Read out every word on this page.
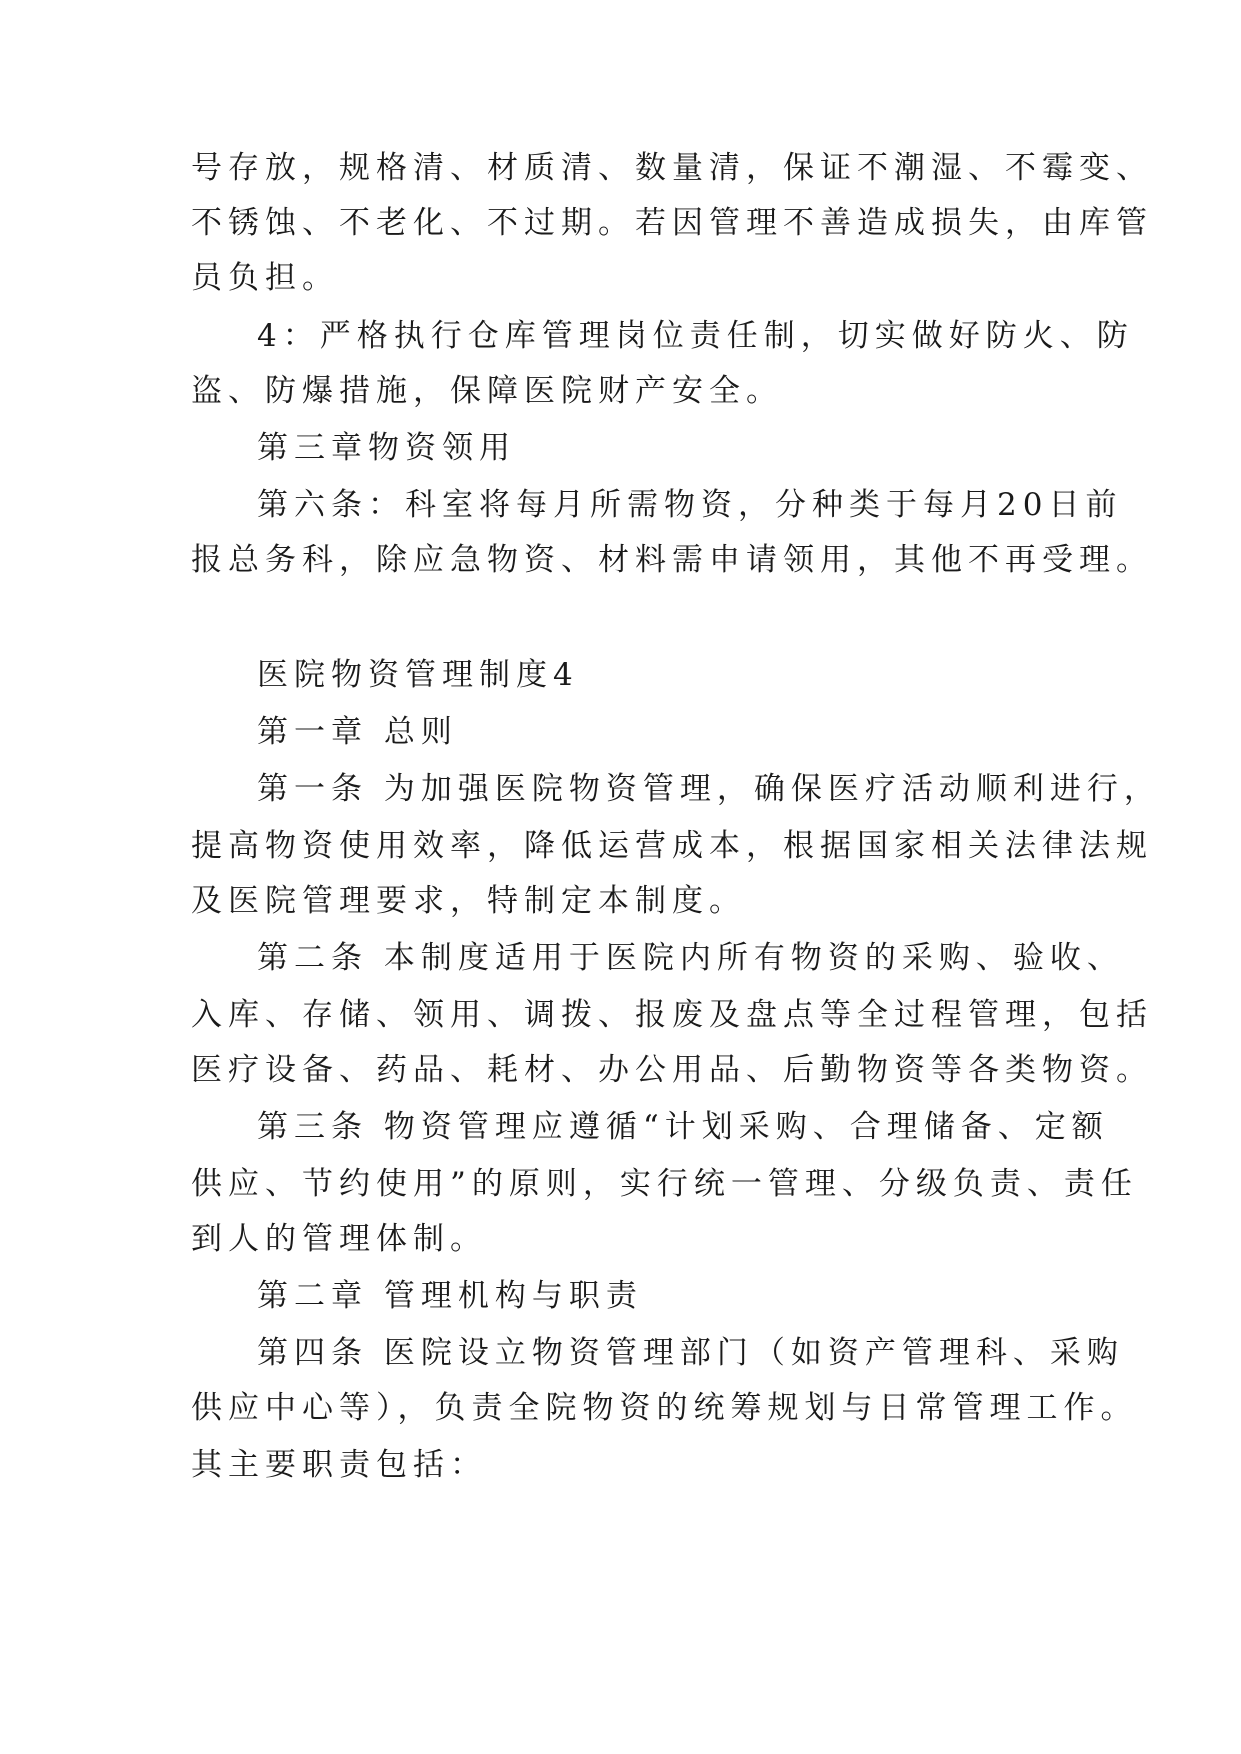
号存放，规格清、材质清、数量清，保证不潮湿、不霉变、
不锈蚀、不老化、不过期。若因管理不善造成损失，由库管
员负担。
4：严格执行仓库管理岗位责任制，切实做好防火、防
盗、防爆措施，保障医院财产安全。
第三章物资领用
第六条：科室将每月所需物资，分种类于每月20日前
报总务科，除应急物资、材料需申请领用，其他不再受理。
医院物资管理制度4
第一章 总则
第一条 为加强医院物资管理，确保医疗活动顺利进行，
提高物资使用效率，降低运营成本，根据国家相关法律法规
及医院管理要求，特制定本制度。
第二条 本制度适用于医院内所有物资的采购、验收、
入库、存储、领用、调拨、报废及盘点等全过程管理，包括
医疗设备、药品、耗材、办公用品、后勤物资等各类物资。
第三条 物资管理应遵循“计划采购、合理储备、定额
供应、节约使用”的原则，实行统一管理、分级负责、责任
到人的管理体制。
第二章 管理机构与职责
第四条 医院设立物资管理部门（如资产管理科、采购
供应中心等），负责全院物资的统筹规划与日常管理工作。
其主要职责包括：
